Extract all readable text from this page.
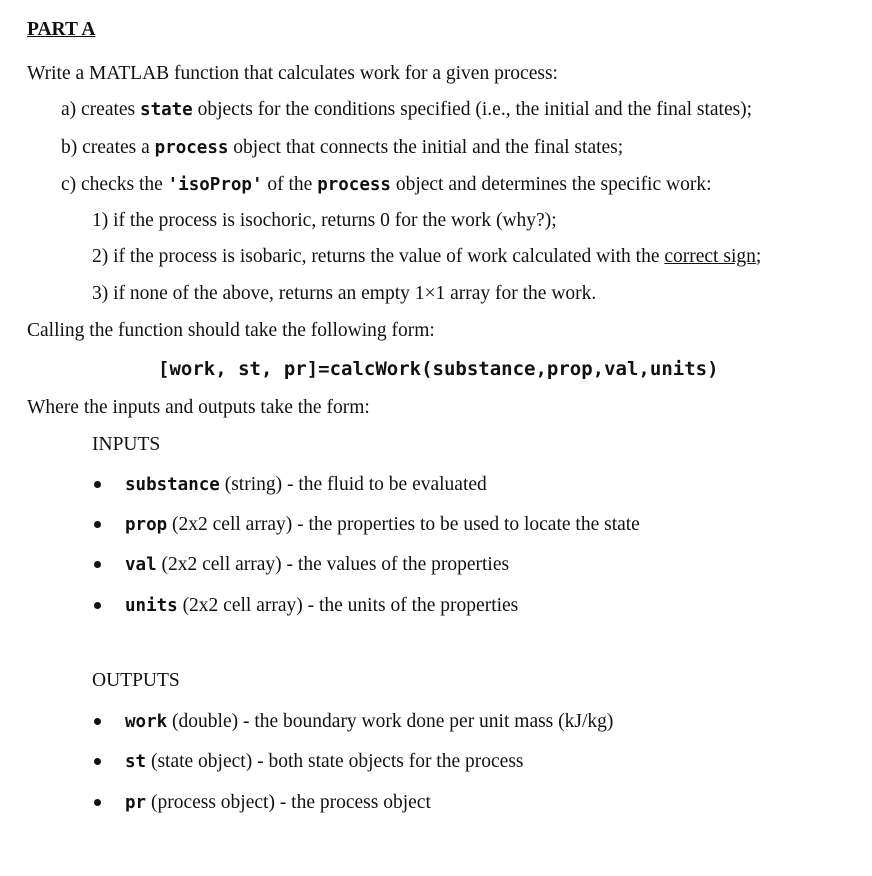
PART A
Write a MATLAB function that calculates work for a given process:
a) creates state objects for the conditions specified (i.e., the initial and the final states);
b) creates a process object that connects the initial and the final states;
c) checks the 'isoProp' of the process object and determines the specific work:
1) if the process is isochoric, returns 0 for the work (why?);
2) if the process is isobaric, returns the value of work calculated with the correct sign;
3) if none of the above, returns an empty 1×1 array for the work.
Calling the function should take the following form:
[work, st, pr]=calcWork(substance,prop,val,units)
Where the inputs and outputs take the form:
INPUTS
substance (string) - the fluid to be evaluated
prop (2x2 cell array) - the properties to be used to locate the state
val (2x2 cell array) - the values of the properties
units (2x2 cell array) - the units of the properties
OUTPUTS
work (double) - the boundary work done per unit mass (kJ/kg)
st (state object) - both state objects for the process
pr (process object) - the process object
